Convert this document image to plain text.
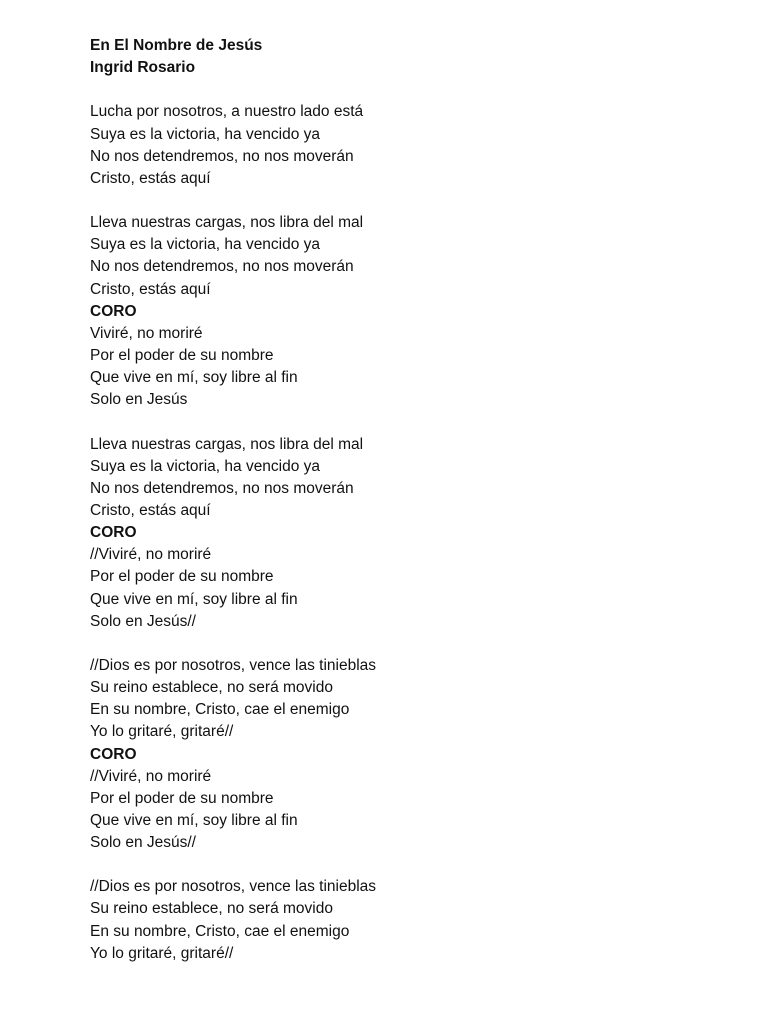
En El Nombre de Jesús
Ingrid Rosario
Lucha por nosotros, a nuestro lado está
Suya es la victoria, ha vencido ya
No nos detendremos, no nos moverán
Cristo, estás aquí
Lleva nuestras cargas, nos libra del mal
Suya es la victoria, ha vencido ya
No nos detendremos, no nos moverán
Cristo, estás aquí
CORO
Viviré, no moriré
Por el poder de su nombre
Que vive en mí, soy libre al fin
Solo en Jesús
Lleva nuestras cargas, nos libra del mal
Suya es la victoria, ha vencido ya
No nos detendremos, no nos moverán
Cristo, estás aquí
CORO
//Viviré, no moriré
Por el poder de su nombre
Que vive en mí, soy libre al fin
Solo en Jesús//
//Dios es por nosotros, vence las tinieblas
Su reino establece, no será movido
En su nombre, Cristo, cae el enemigo
Yo lo gritaré, gritaré//
CORO
//Viviré, no moriré
Por el poder de su nombre
Que vive en mí, soy libre al fin
Solo en Jesús//
//Dios es por nosotros, vence las tinieblas
Su reino establece, no será movido
En su nombre, Cristo, cae el enemigo
Yo lo gritaré, gritaré//
